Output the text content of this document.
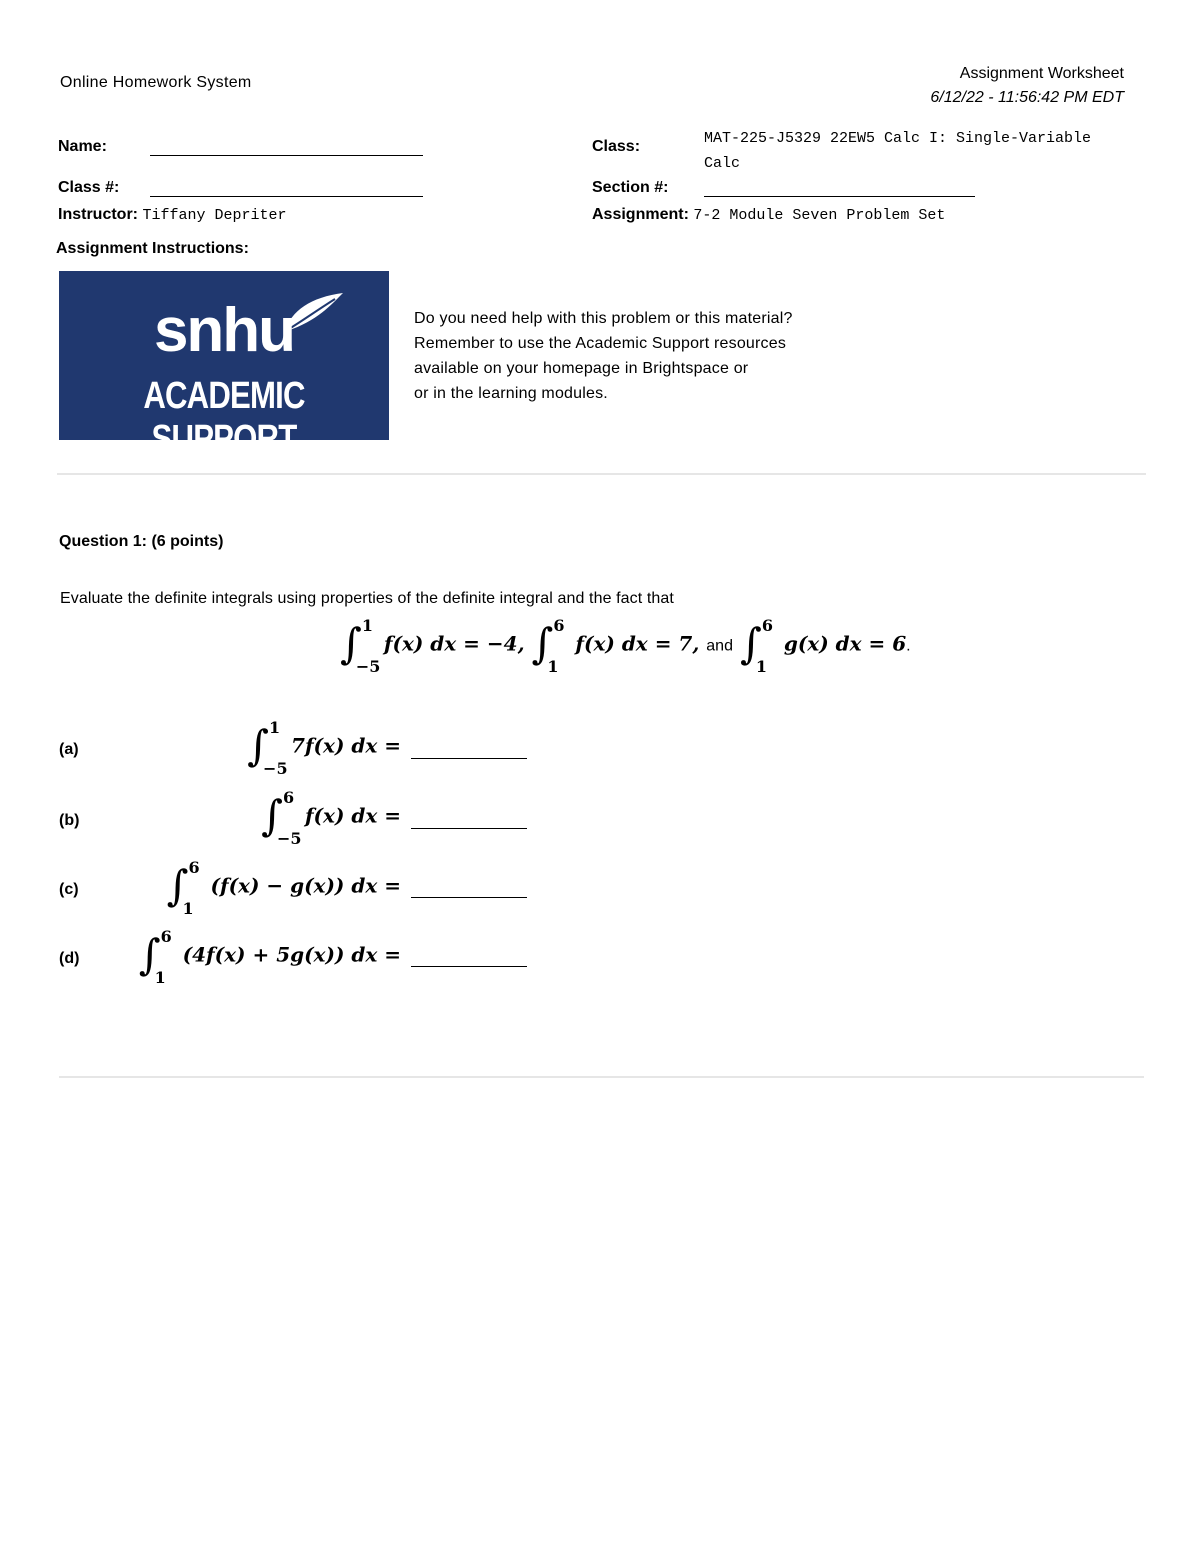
Online Homework System
Assignment Worksheet
6/12/22 - 11:56:42 PM EDT
Name:
Class #:
Instructor: Tiffany Depriter
Assignment Instructions:
Class:	MAT-225-J5329 22EW5 Calc I: Single-Variable
Calc
Section #:
Assignment: 7-2 Module Seven Problem Set
snhu
ACADEMIC SUPPORT
Do you need help with this problem or this material?
Remember to use the Academic Support resources
available on your homepage in Brightspace or
or in the learning modules.
Question 1: (6 points)
Evaluate the definite integrals using properties of the definite integral and the fact that
∫ 1
−5
f(x) dx = −4, ∫ 6
1
f(x) dx = 7, and ∫ 6
1
g(x) dx = 6.
(a)	∫ 1
−5
7f(x) dx =
(b)	∫ 6
−5
f(x) dx =
(c) ∫ 6
1
(f(x) − g(x)) dx =
(d) ∫ 6
1
(4f(x) + 5g(x)) dx =
